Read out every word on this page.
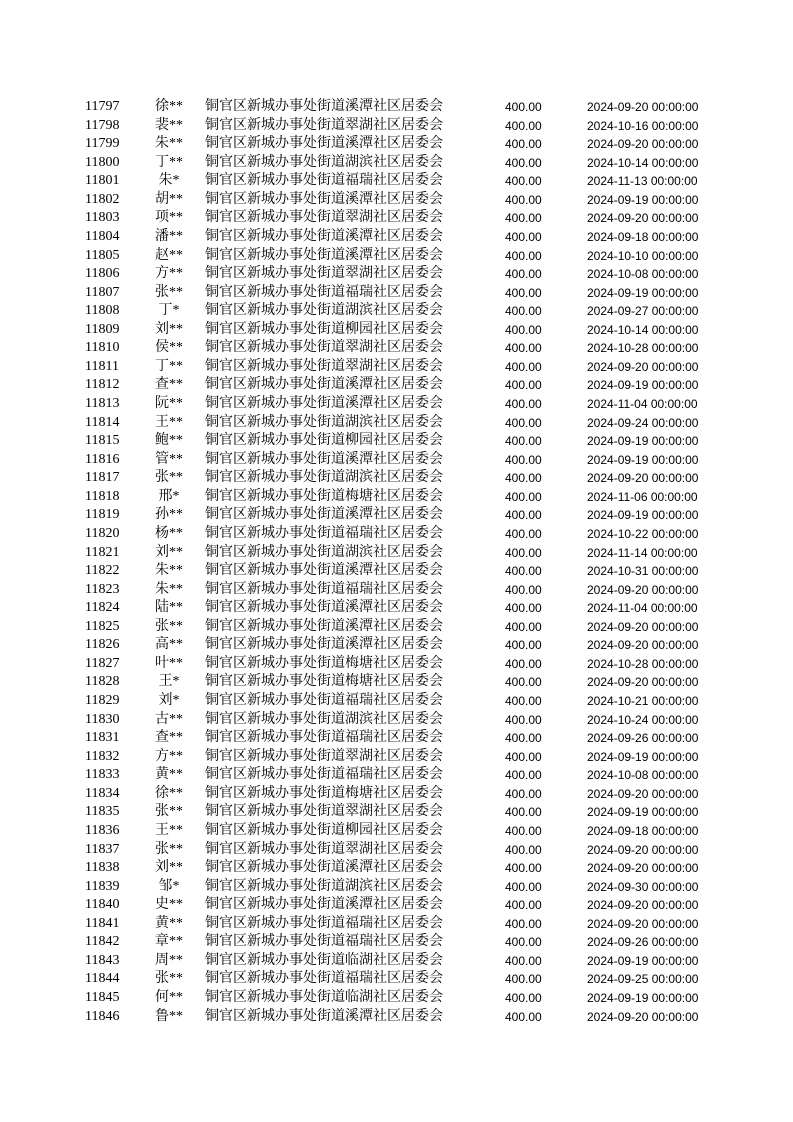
11797	徐**	铜官区新城办事处街道溪潭社区居委会	400.00	2024-09-20 00:00:00
11798	裴**	铜官区新城办事处街道翠湖社区居委会	400.00	2024-10-16 00:00:00
11799	朱**	铜官区新城办事处街道溪潭社区居委会	400.00	2024-09-20 00:00:00
11800	丁**	铜官区新城办事处街道湖滨社区居委会	400.00	2024-10-14 00:00:00
11801	朱*	铜官区新城办事处街道福瑞社区居委会	400.00	2024-11-13 00:00:00
11802	胡**	铜官区新城办事处街道溪潭社区居委会	400.00	2024-09-19 00:00:00
11803	项**	铜官区新城办事处街道翠湖社区居委会	400.00	2024-09-20 00:00:00
11804	潘**	铜官区新城办事处街道溪潭社区居委会	400.00	2024-09-18 00:00:00
11805	赵**	铜官区新城办事处街道溪潭社区居委会	400.00	2024-10-10 00:00:00
11806	方**	铜官区新城办事处街道翠湖社区居委会	400.00	2024-10-08 00:00:00
11807	张**	铜官区新城办事处街道福瑞社区居委会	400.00	2024-09-19 00:00:00
11808	丁*	铜官区新城办事处街道湖滨社区居委会	400.00	2024-09-27 00:00:00
11809	刘**	铜官区新城办事处街道柳园社区居委会	400.00	2024-10-14 00:00:00
11810	侯**	铜官区新城办事处街道翠湖社区居委会	400.00	2024-10-28 00:00:00
11811	丁**	铜官区新城办事处街道翠湖社区居委会	400.00	2024-09-20 00:00:00
11812	查**	铜官区新城办事处街道溪潭社区居委会	400.00	2024-09-19 00:00:00
11813	阮**	铜官区新城办事处街道溪潭社区居委会	400.00	2024-11-04 00:00:00
11814	王**	铜官区新城办事处街道湖滨社区居委会	400.00	2024-09-24 00:00:00
11815	鲍**	铜官区新城办事处街道柳园社区居委会	400.00	2024-09-19 00:00:00
11816	管**	铜官区新城办事处街道溪潭社区居委会	400.00	2024-09-19 00:00:00
11817	张**	铜官区新城办事处街道湖滨社区居委会	400.00	2024-09-20 00:00:00
11818	邢*	铜官区新城办事处街道梅塘社区居委会	400.00	2024-11-06 00:00:00
11819	孙**	铜官区新城办事处街道溪潭社区居委会	400.00	2024-09-19 00:00:00
11820	杨**	铜官区新城办事处街道福瑞社区居委会	400.00	2024-10-22 00:00:00
11821	刘**	铜官区新城办事处街道湖滨社区居委会	400.00	2024-11-14 00:00:00
11822	朱**	铜官区新城办事处街道溪潭社区居委会	400.00	2024-10-31 00:00:00
11823	朱**	铜官区新城办事处街道福瑞社区居委会	400.00	2024-09-20 00:00:00
11824	陆**	铜官区新城办事处街道溪潭社区居委会	400.00	2024-11-04 00:00:00
11825	张**	铜官区新城办事处街道溪潭社区居委会	400.00	2024-09-20 00:00:00
11826	高**	铜官区新城办事处街道溪潭社区居委会	400.00	2024-09-20 00:00:00
11827	叶**	铜官区新城办事处街道梅塘社区居委会	400.00	2024-10-28 00:00:00
11828	王*	铜官区新城办事处街道梅塘社区居委会	400.00	2024-09-20 00:00:00
11829	刘*	铜官区新城办事处街道福瑞社区居委会	400.00	2024-10-21 00:00:00
11830	古**	铜官区新城办事处街道湖滨社区居委会	400.00	2024-10-24 00:00:00
11831	查**	铜官区新城办事处街道福瑞社区居委会	400.00	2024-09-26 00:00:00
11832	方**	铜官区新城办事处街道翠湖社区居委会	400.00	2024-09-19 00:00:00
11833	黄**	铜官区新城办事处街道福瑞社区居委会	400.00	2024-10-08 00:00:00
11834	徐**	铜官区新城办事处街道梅塘社区居委会	400.00	2024-09-20 00:00:00
11835	张**	铜官区新城办事处街道翠湖社区居委会	400.00	2024-09-19 00:00:00
11836	王**	铜官区新城办事处街道柳园社区居委会	400.00	2024-09-18 00:00:00
11837	张**	铜官区新城办事处街道翠湖社区居委会	400.00	2024-09-20 00:00:00
11838	刘**	铜官区新城办事处街道溪潭社区居委会	400.00	2024-09-20 00:00:00
11839	邹*	铜官区新城办事处街道湖滨社区居委会	400.00	2024-09-30 00:00:00
11840	史**	铜官区新城办事处街道溪潭社区居委会	400.00	2024-09-20 00:00:00
11841	黄**	铜官区新城办事处街道福瑞社区居委会	400.00	2024-09-20 00:00:00
11842	章**	铜官区新城办事处街道福瑞社区居委会	400.00	2024-09-26 00:00:00
11843	周**	铜官区新城办事处街道临湖社区居委会	400.00	2024-09-19 00:00:00
11844	张**	铜官区新城办事处街道福瑞社区居委会	400.00	2024-09-25 00:00:00
11845	何**	铜官区新城办事处街道临湖社区居委会	400.00	2024-09-19 00:00:00
11846	鲁**	铜官区新城办事处街道溪潭社区居委会	400.00	2024-09-20 00:00:00
